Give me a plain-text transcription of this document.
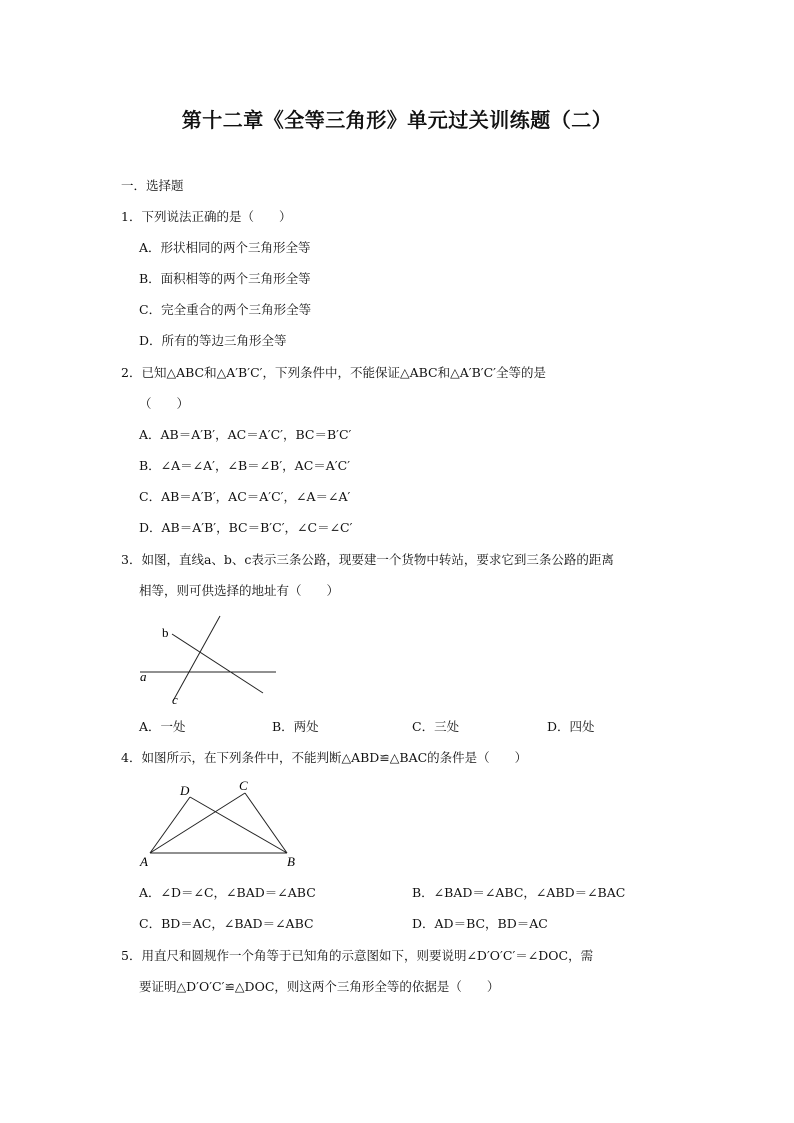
第十二章《全等三角形》单元过关训练题（二）
一．选择题
1．下列说法正确的是（　　）
A．形状相同的两个三角形全等
B．面积相等的两个三角形全等
C．完全重合的两个三角形全等
D．所有的等边三角形全等
2．已知△ABC和△A′B′C′，下列条件中，不能保证△ABC和△A′B′C′全等的是
（　　）
A．AB＝A′B′，AC＝A′C′，BC＝B′C′
B．∠A＝∠A′，∠B＝∠B′，AC＝A′C′
C．AB＝A′B′，AC＝A′C′，∠A＝∠A′
D．AB＝A′B′，BC＝B′C′，∠C＝∠C′
3．如图，直线a、b、c表示三条公路，现要建一个货物中转站，要求它到三条公路的距离
相等，则可供选择的地址有（　　）
b
a
c
A．一处	B．两处	C．三处	D．四处
4．如图所示，在下列条件中，不能判断△ABD≌△BAC的条件是（　　）
A	B
C
D
A．∠D＝∠C，∠BAD＝∠ABC	B．∠BAD＝∠ABC，∠ABD＝∠BAC
C．BD＝AC，∠BAD＝∠ABC	D．AD＝BC，BD＝AC
5．用直尺和圆规作一个角等于已知角的示意图如下，则要说明∠D′O′C′＝∠DOC，需
要证明△D′O′C′≌△DOC，则这两个三角形全等的依据是（　　）
